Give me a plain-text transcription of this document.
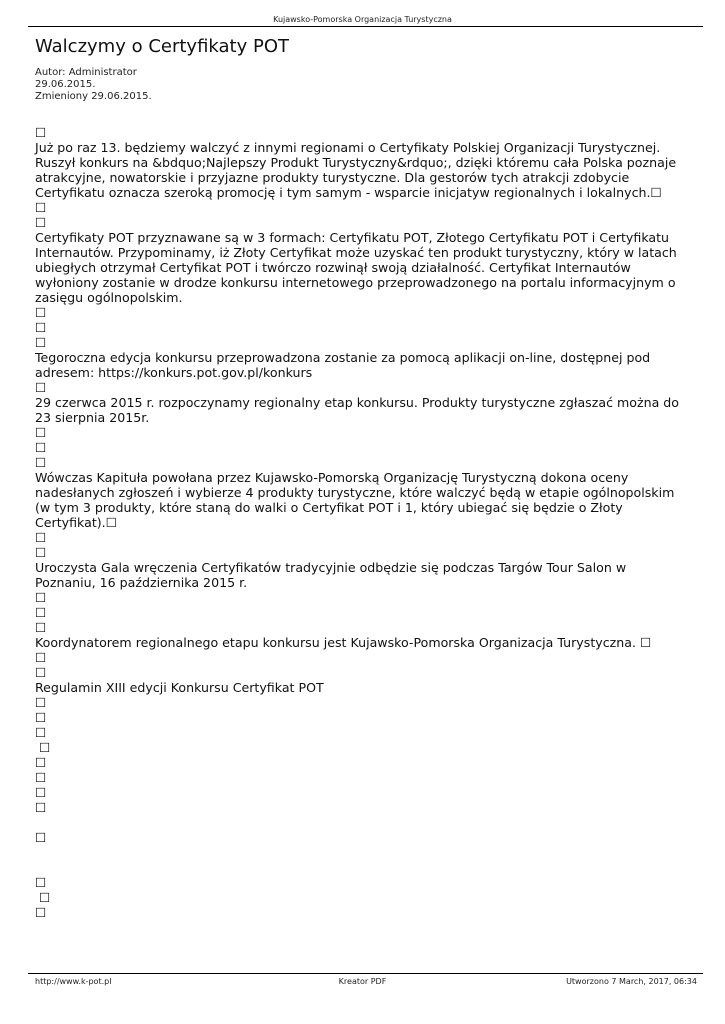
Kujawsko-Pomorska Organizacja Turystyczna
Walczymy o Certyfikaty POT
Autor: Administrator
29.06.2015.
Zmieniony 29.06.2015.
☐
Już po raz 13. będziemy walczyć z innymi regionami o Certyfikaty Polskiej Organizacji Turystycznej. Ruszył konkurs na &bdquo;Najlepszy Produkt Turystyczny&rdquo;, dzięki któremu cała Polska poznaje atrakcyjne, nowatorskie i przyjazne produkty turystyczne. Dla gestorów tych atrakcji zdobycie Certyfikatu oznacza szeroką promocję i tym samym - wsparcie inicjatyw regionalnych i lokalnych.☐
☐
☐
Certyfikaty POT przyznawane są w 3 formach: Certyfikatu POT, Złotego Certyfikatu POT i Certyfikatu Internautów. Przypominamy, iż Złoty Certyfikat może uzyskać ten produkt turystyczny, który w latach ubiegłych otrzymał Certyfikat POT i twórczo rozwinął swoją działalność. Certyfikat Internautów wyłoniony zostanie w drodze konkursu internetowego przeprowadzonego na portalu informacyjnym o zasięgu ogólnopolskim.
☐
☐
☐
Tegoroczna edycja konkursu przeprowadzona zostanie za pomocą aplikacji on-line, dostępnej pod adresem: https://konkurs.pot.gov.pl/konkurs
☐
29 czerwca 2015 r. rozpoczynamy regionalny etap konkursu. Produkty turystyczne zgłaszać można do 23 sierpnia 2015r.
☐
☐
☐
Wówczas Kapituła powołana przez Kujawsko-Pomorską Organizację Turystyczną dokona oceny nadesłanych zgłoszeń i wybierze 4 produkty turystyczne, które walczyć będą w etapie ogólnopolskim (w tym 3 produkty, które staną do walki o Certyfikat POT i 1, który ubiegać się będzie o Złoty Certyfikat).☐
☐
☐
Uroczysta Gala wręczenia Certyfikatów tradycyjnie odbędzie się podczas Targów Tour Salon w Poznaniu, 16 października 2015 r.
☐
☐
☐
Koordynatorem regionalnego etapu konkursu jest Kujawsko-Pomorska Organizacja Turystyczna. ☐
☐
☐
Regulamin XIII edycji Konkursu Certyfikat POT
☐
☐
☐
☐
☐
☐
☐
☐
☐
☐
☐
☐
http://www.k-pot.pl	Kreator PDF	Utworzono 7 March, 2017, 06:34
